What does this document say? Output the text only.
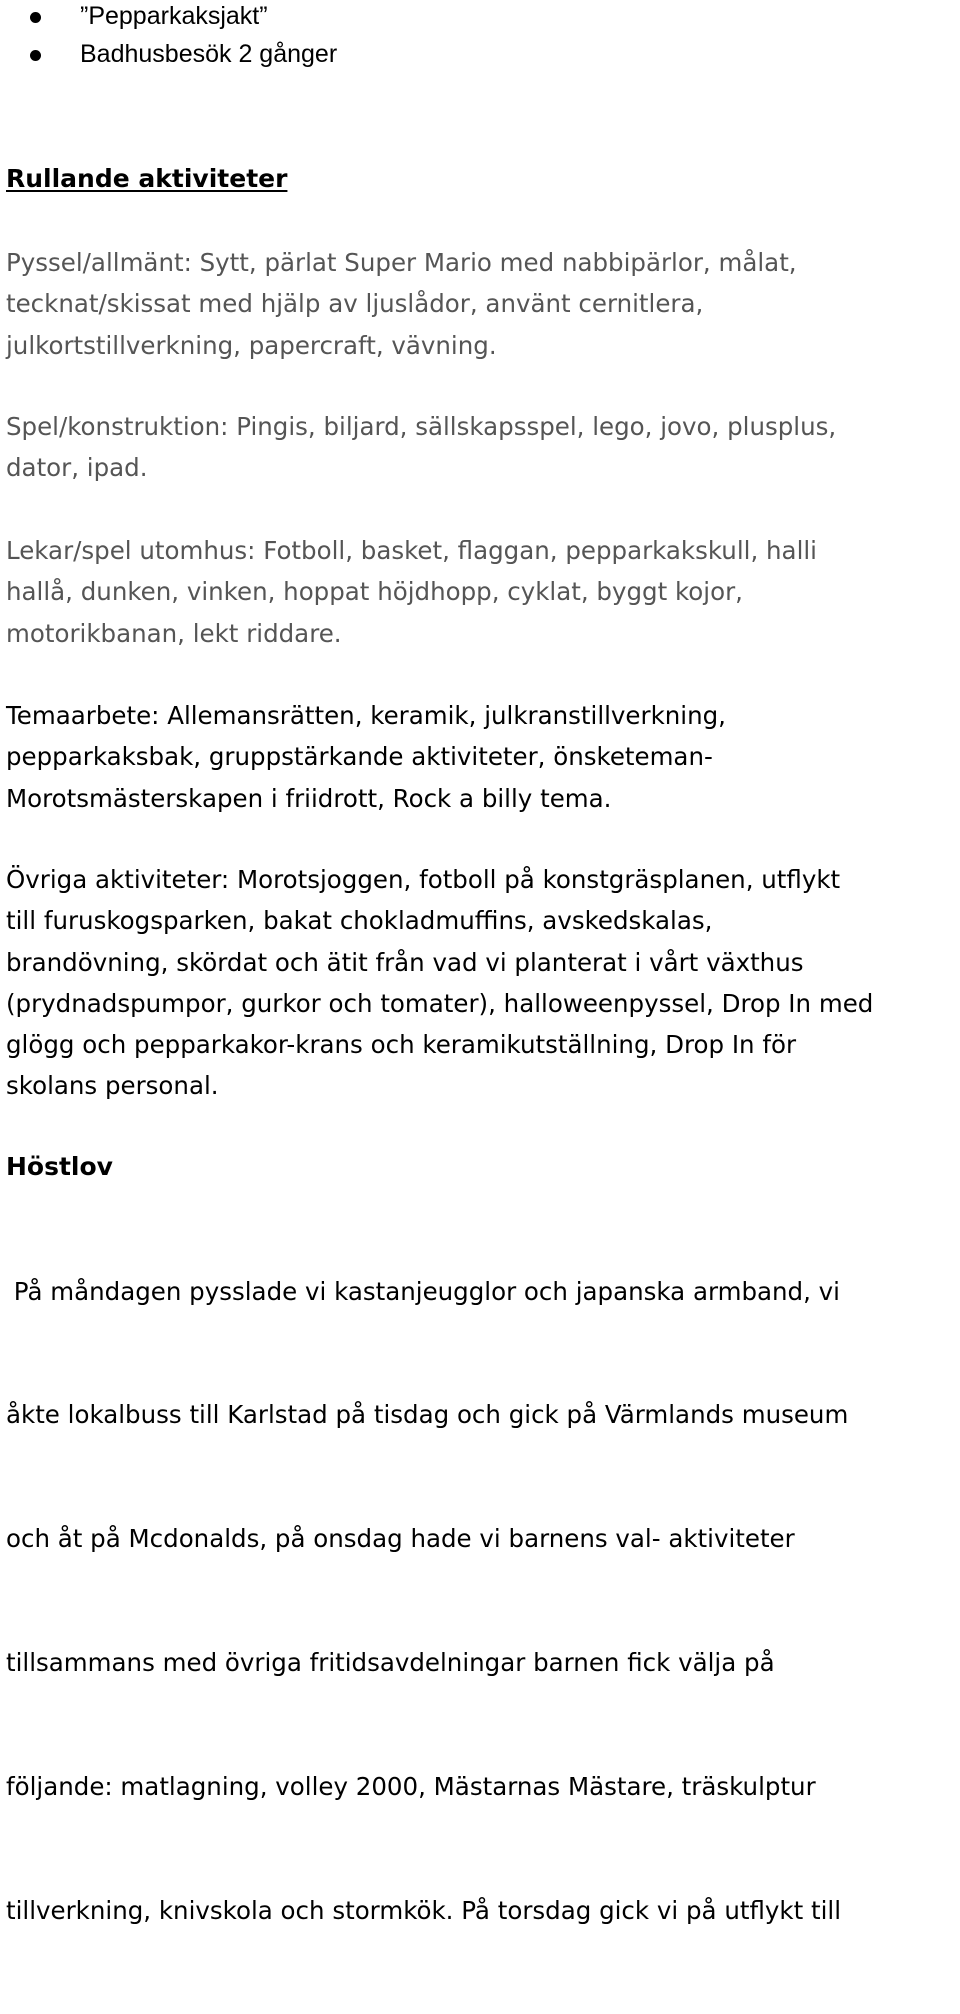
”Pepparkaksjakt”
Badhusbesök 2 gånger
Rullande aktiviteter
Pyssel/allmänt: Sytt, pärlat Super Mario med nabbipärlor, målat,
tecknat/skissat med hjälp av ljuslådor, använt cernitlera,
julkortstillverkning, papercraft, vävning.
Spel/konstruktion: Pingis, biljard, sällskapsspel, lego, jovo, plusplus,
dator, ipad.
Lekar/spel utomhus: Fotboll, basket, flaggan, pepparkakskull, halli
hallå, dunken, vinken, hoppat höjdhopp, cyklat, byggt kojor,
motorikbanan, lekt riddare.
Temaarbete: Allemansrätten, keramik, julkranstillverkning,
pepparkaksbak, gruppstärkande aktiviteter, önsketeman-
Morotsmästerskapen i friidrott, Rock a billy tema.
Övriga aktiviteter: Morotsjoggen, fotboll på konstgräsplanen, utflykt
till furuskogsparken, bakat chokladmuffins, avskedskalas,
brandövning, skördat och ätit från vad vi planterat i vårt växthus
(prydnadspumpor, gurkor och tomater), halloweenpyssel, Drop In med
glögg och pepparkakor-krans och keramikutställning, Drop In för
skolans personal.
Höstlov

På måndagen pysslade vi kastanjeugglor och japanska armband, vi

åkte lokalbuss till Karlstad på tisdag och gick på Värmlands museum

och åt på Mcdonalds, på onsdag hade vi barnens val- aktiviteter

tillsammans med övriga fritidsavdelningar barnen fick välja på

följande: matlagning, volley 2000, Mästarnas Mästare, träskulptur

tillverkning, knivskola och stormkök. På torsdag gick vi på utflykt till
